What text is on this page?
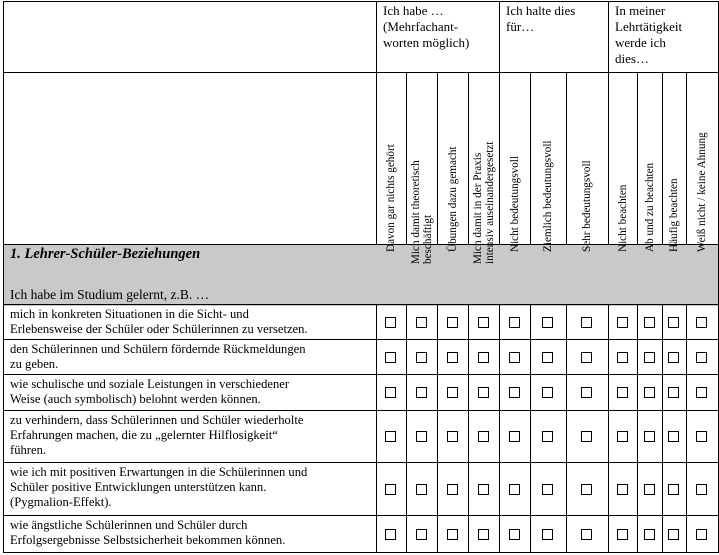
Ich habe …
(Mehrfachant-
worten möglich)
Ich halte dies
für…
In meiner
Lehrtätigkeit
werde ich
dies…
Davon gar nichts gehört Mich damit theoretisch beschäftigt Übungen dazu gemacht Mich damit in der Praxis intensiv auseinandergesetzt Nicht bedeutungsvoll Ziemlich bedeutungsvoll Sehr bedeutungsvoll Nicht beachten Ab und zu beachten Häufig beachten Weiß nicht / keine Ahnung
1. Lehrer-Schüler-Beziehungen
Ich habe im Studium gelernt, z.B. …
mich in konkreten Situationen in die Sicht- und
Erlebensweise der Schüler oder Schülerinnen zu versetzen.
den Schülerinnen und Schülern fördernde Rückmeldungen
zu geben.
wie schulische und soziale Leistungen in verschiedener
Weise (auch symbolisch) belohnt werden können.
zu verhindern, dass Schülerinnen und Schüler wiederholte
Erfahrungen machen, die zu „gelernter Hilflosigkeit“
führen.
wie ich mit positiven Erwartungen in die Schülerinnen und
Schüler positive Entwicklungen unterstützen kann.
(Pygmalion-Effekt).
wie ängstliche Schülerinnen und Schüler durch
Erfolgsergebnisse Selbstsicherheit bekommen können.
